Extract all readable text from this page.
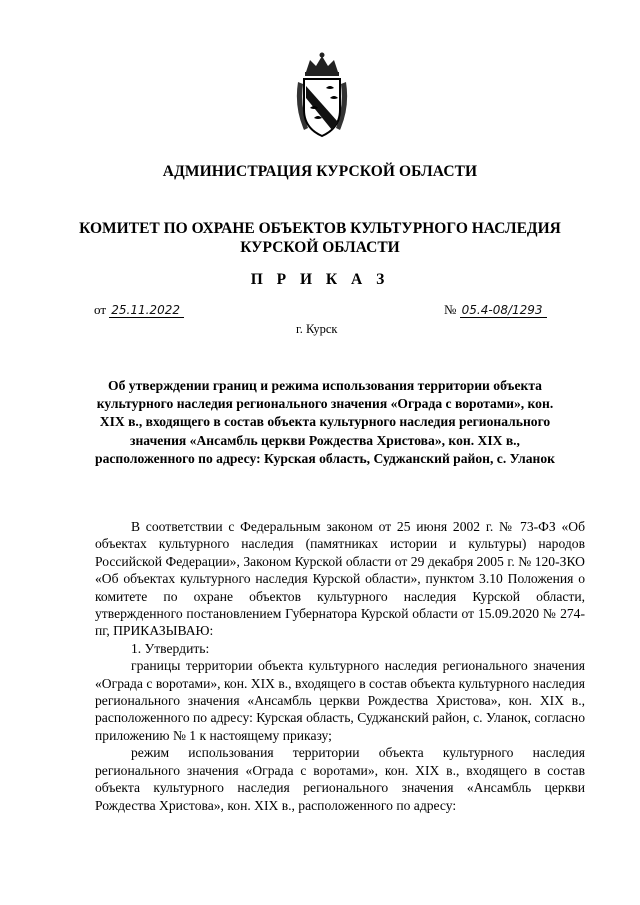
АДМИНИСТРАЦИЯ КУРСКОЙ ОБЛАСТИ
КОМИТЕТ ПО ОХРАНЕ ОБЪЕКТОВ КУЛЬТУРНОГО НАСЛЕДИЯ
КУРСКОЙ ОБЛАСТИ
П Р И К А З
от 25.11.2022	№ 05.4-08/1293
г. Курск
Об утверждении границ и режима использования территории объекта культурного наследия регионального значения «Ограда с воротами», кон. XIX в., входящего в состав объекта культурного наследия регионального значения «Ансамбль церкви Рождества Христова», кон. XIX в., расположенного по адресу: Курская область, Суджанский район, с. Уланок

В соответствии с Федеральным законом от 25 июня 2002 г. № 73-ФЗ «Об объектах культурного наследия (памятниках истории и культуры) народов Российской Федерации», Законом Курской области от 29 декабря 2005 г. № 120-ЗКО «Об объектах культурного наследия Курской области», пунктом 3.10 Положения о комитете по охране объектов культурного наследия Курской области, утвержденного постановлением Губернатора Курской области от 15.09.2020 № 274-пг, ПРИКАЗЫВАЮ:

1. Утвердить:

границы территории объекта культурного наследия регионального значения «Ограда с воротами», кон. XIX в., входящего в состав объекта культурного наследия регионального значения «Ансамбль церкви Рождества Христова», кон. XIX в., расположенного по адресу: Курская область, Суджанский район, с. Уланок, согласно приложению № 1 к настоящему приказу;

режим использования территории объекта культурного наследия регионального значения «Ограда с воротами», кон. XIX в., входящего в состав объекта культурного наследия регионального значения «Ансамбль церкви Рождества Христова», кон. XIX в., расположенного по адресу:
